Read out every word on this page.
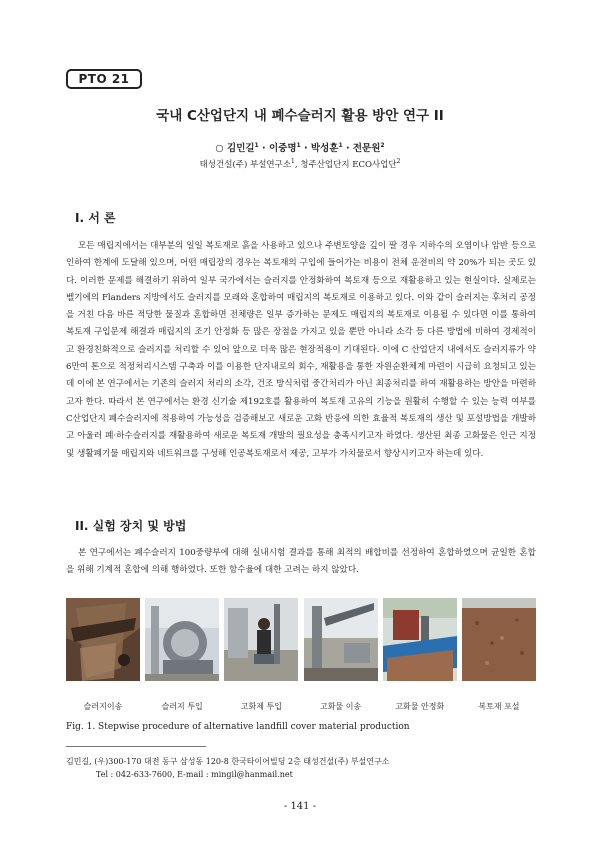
PTO 21
국내 C산업단지 내 폐수슬러지 활용 방안 연구 II
○ 김민길$^1$ · 이중명$^1$ · 박성훈$^1$ · 전문원$^2$
태성건설(주) 부설연구소$^1$, 청주산업단지 ECO사업단$^2$
I. 서 론

모든 매립지에서는 대부분의 일일 복토재로 흙을 사용하고 있으나 주변토양을 깊이 팔 경우 지하수의 오염이나 암반 등으로 인하여 한계에 도달해 있으며, 어떤 매립장의 경우는 복토재의 구입에 들어가는 비용이 전체 운전비의 약 20%가 되는 곳도 있다. 이러한 문제를 해결하기 위하여 일부 국가에서는 슬러지를 안정화하여 복토재 등으로 재활용하고 있는 현실이다. 실제로는 벨기에의 Flanders 지방에서도 슬러지를 모래와 혼합하여 매립지의 복토재로 이용하고 있다. 이와 같이 슬러지는 후처리 공정을 거친 다음 바른 적당한 물질과 혼합하면 전체량은 일부 증가하는 문제도 매립지의 복토재로 이용될 수 있다면 이를 통하여 복토재 구입문제 해결과 매립지의 조기 안정화 등 많은 장점을 가지고 있을 뿐만 아니라 소각 등 다른 방법에 비하여 경제적이고 환경친화적으로 슬러지를 처리할 수 있어 앞으로 더욱 많은 현장적용이 기대된다. 이에 C 산업단지 내에서도 슬러지류가 약 6만여 톤으로 적정처리시스템 구축과 이를 이용한 단지내로의 회수, 재활용을 통한 자원순환체계 마련이 시급히 요청되고 있는데 이에 본 연구에서는 기존의 슬러지 처리의 소각, 건조 방식처럼 중간처리가 아닌 최종처리를 하여 재활용하는 방안을 마련하고자 한다. 따라서 본 연구에서는 환경 신기술 제192호를 활용하여 복토재 고유의 기능을 원활히 수행할 수 있는 능력 여부를 C산업단지 폐수슬러지에 적용하여 가능성을 검증해보고 새로운 고화 반응에 의한 효율적 복토재의 생산 및 포설방법을 개발하고 아울러 폐·하수슬러지를 재활용하여 새로운 복토재 개발의 필요성을 충족시키고자 하였다. 생산된 최종 고화물은 인근 지정 및 생활폐기물 매립지와 네트워크를 구성해 인공복토재로서 제공, 고부가 가치물로서 향상시키고자 하는데 있다.

II. 실험 장치 및 방법

본 연구에서는 폐수슬러지 100중량부에 대해 실내시험 결과를 통해 최적의 배합비를 선정하여 혼합하였으며 균일한 혼합을 위해 기계적 혼합에 의해 행하였다. 또한 함수율에 대한 고려는 하지 않았다.

슬러지이송	슬러지 투입	고화제 투입	고화물 이송	고화물 안정화	복토재 포설
Fig. 1. Stepwise procedure of alternative landfill cover material production
김민길, (우)300-170 대전 동구 삼성동 120-8 한국타이어빌딩 2층 태성건설(주) 부설연구소
Tel : 042-633-7600, E-mail : mingil@hanmail.net
- 141 -
